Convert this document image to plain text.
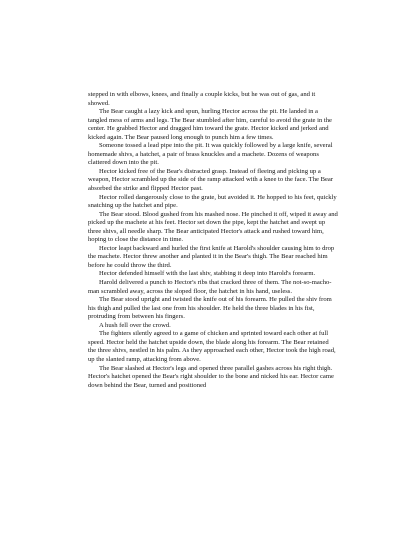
stepped in with elbows, knees, and finally a couple kicks, but he was out of gas, and it showed.

The Bear caught a lazy kick and spun, hurling Hector across the pit. He landed in a tangled mess of arms and legs. The Bear stumbled after him, careful to avoid the grate in the center. He grabbed Hector and dragged him toward the grate. Hector kicked and jerked and kicked again. The Bear paused long enough to punch him a few times.

Someone tossed a lead pipe into the pit. It was quickly followed by a large knife, several homemade shivs, a hatchet, a pair of brass knuckles and a machete. Dozens of weapons clattered down into the pit.

Hector kicked free of the Bear's distracted grasp. Instead of fleeing and picking up a weapon, Hector scrambled up the side of the ramp attacked with a knee to the face. The Bear absorbed the strike and flipped Hector past.

Hector rolled dangerously close to the grate, but avoided it. He hopped to his feet, quickly snatching up the hatchet and pipe.

The Bear stood. Blood gushed from his mashed nose. He pinched it off, wiped it away and picked up the machete at his feet. Hector set down the pipe, kept the hatchet and swept up three shivs, all needle sharp. The Bear anticipated Hector's attack and rushed toward him, hoping to close the distance in time.

Hector leapt backward and hurled the first knife at Harold's shoulder causing him to drop the machete. Hector threw another and planted it in the Bear's thigh. The Bear reached him before he could throw the third.

Hector defended himself with the last shiv, stabbing it deep into Harold's forearm.

Harold delivered a punch to Hector's ribs that cracked three of them. The not-so-macho-man scrambled away, across the sloped floor, the hatchet in his hand, useless.

The Bear stood upright and twisted the knife out of his forearm. He pulled the shiv from his thigh and pulled the last one from his shoulder. He held the three blades in his fist, protruding from between his fingers.

A hush fell over the crowd.

The fighters silently agreed to a game of chicken and sprinted toward each other at full speed. Hector held the hatchet upside down, the blade along his forearm. The Bear retained the three shivs, nestled in his palm. As they approached each other, Hector took the high road, up the slanted ramp, attacking from above.

The Bear slashed at Hector's legs and opened three parallel gashes across his right thigh. Hector's hatchet opened the Bear's right shoulder to the bone and nicked his ear. Hector came down behind the Bear, turned and positioned
